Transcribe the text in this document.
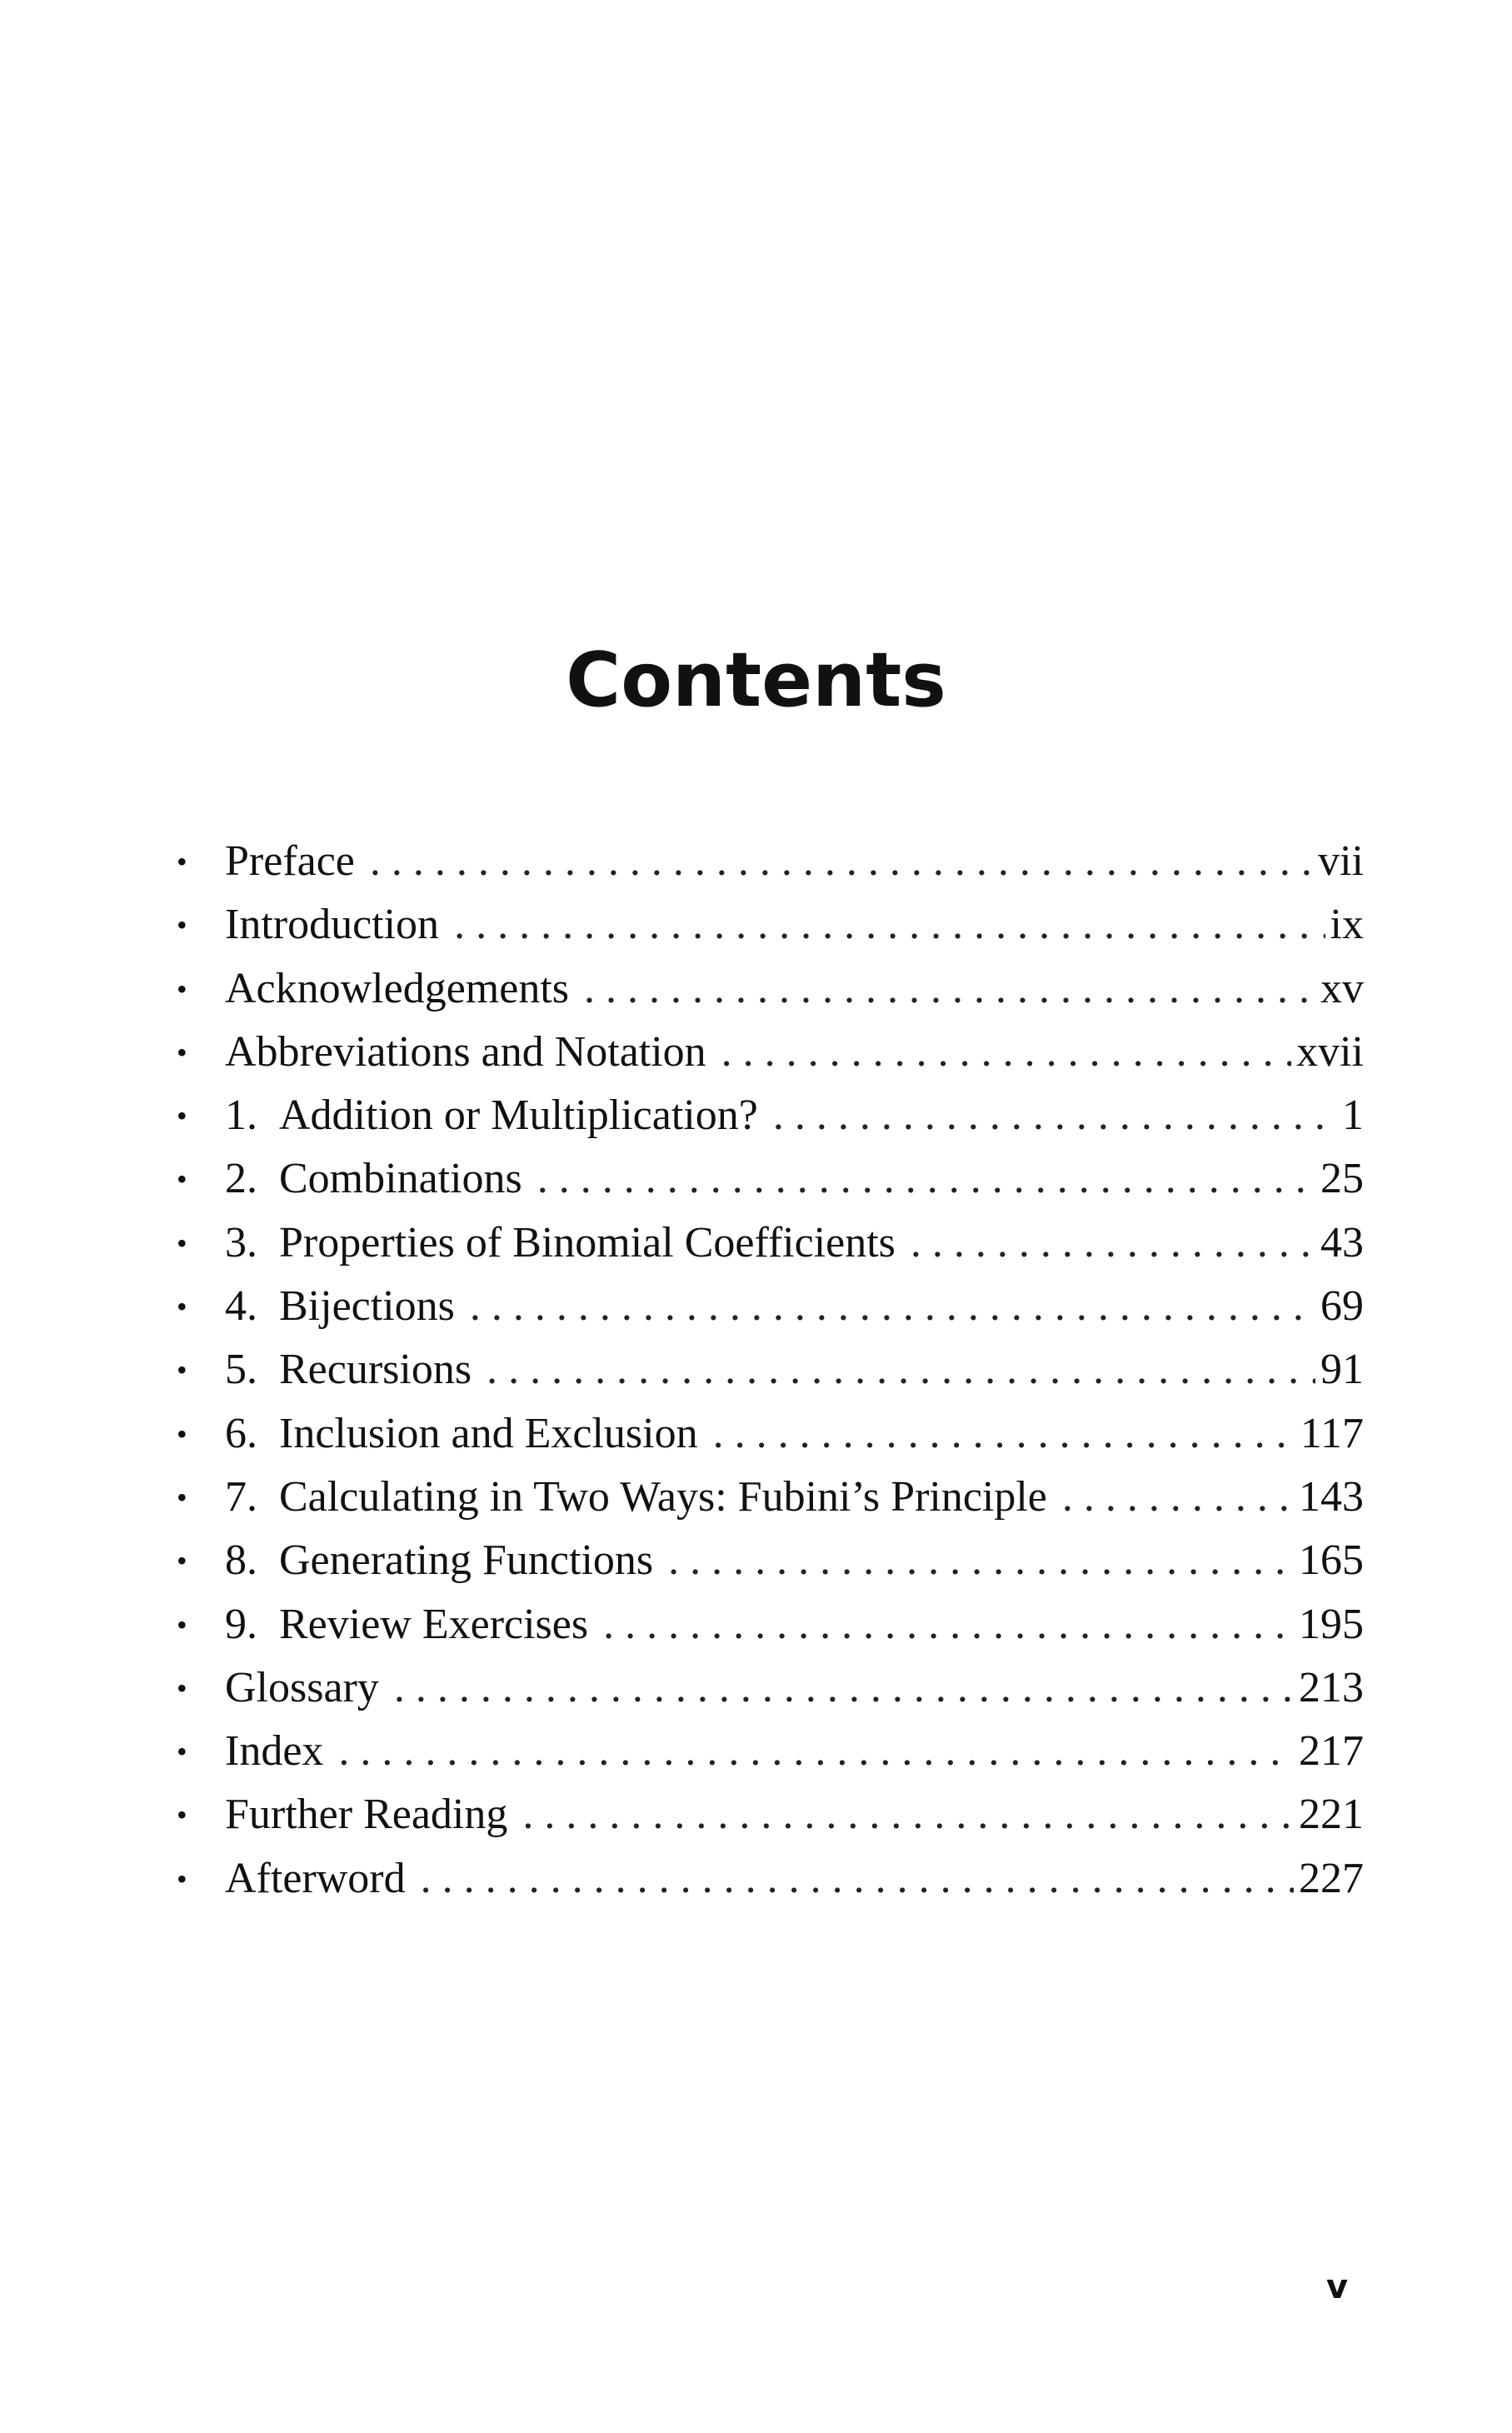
Contents
• Preface . . .	vii
• Introduction . . .	ix
• Acknowledgements . . .	xv
• Abbreviations and Notation . . .	xvii
• 1. Addition or Multiplication? . . .	1
• 2. Combinations . . .	25
• 3. Properties of Binomial Coefficients . . .	43
• 4. Bijections . . .	69
• 5. Recursions . . .	91
• 6. Inclusion and Exclusion . . .	117
• 7. Calculating in Two Ways: Fubini’s Principle . . .	143
• 8. Generating Functions . . .	165
• 9. Review Exercises . . .	195
• Glossary . . .	213
• Index . . .	217
• Further Reading . . .	221
• Afterword . . .	227
v
